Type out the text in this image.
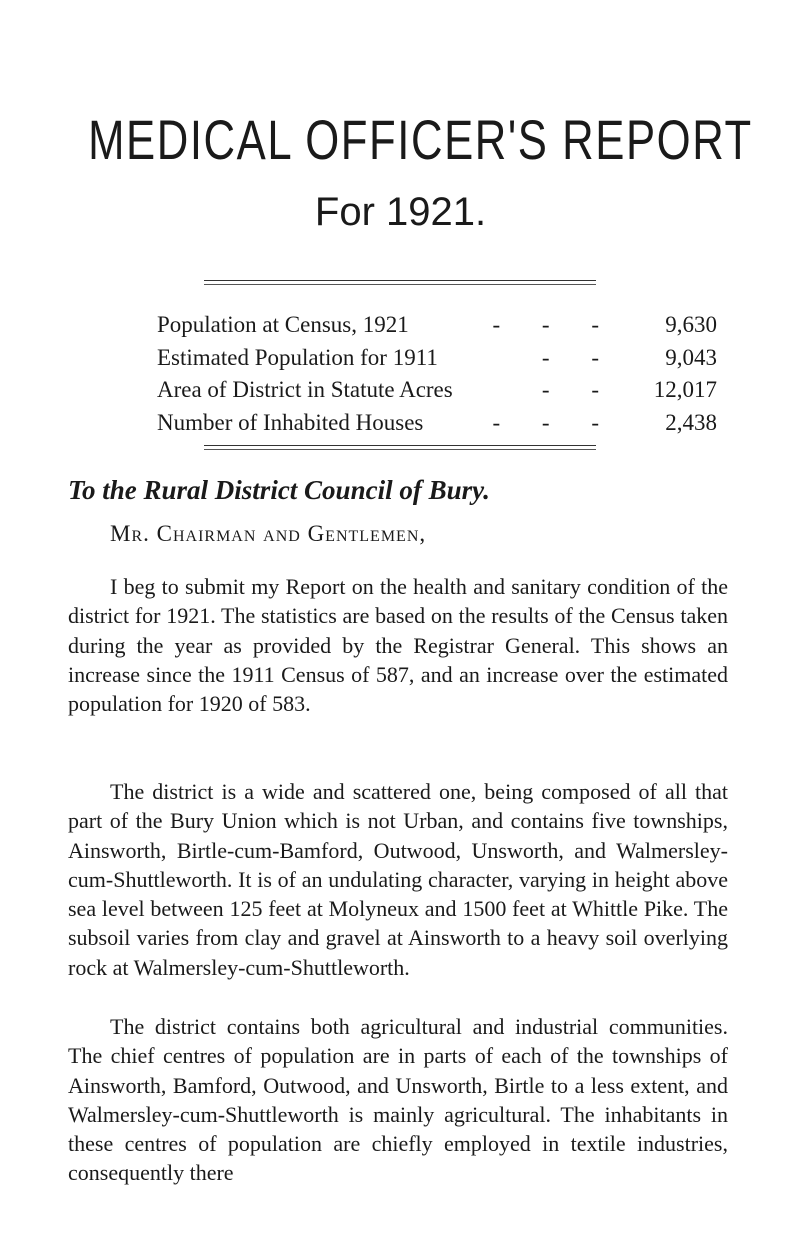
MEDICAL OFFICER'S REPORT
For 1921.
Population at Census, 1921	- - - 9,630
Estimated Population for 1911	- - 9,043
Area of District in Statute Acres	- - 12,017
Number of Inhabited Houses	- - - 2,438
To the Rural District Council of Bury.
Mr. Chairman and Gentlemen,

I beg to submit my Report on the health and sanitary condition of the district for 1921. The statistics are based on the results of the Census taken during the year as provided by the Registrar General. This shows an increase since the 1911 Census of 587, and an increase over the estimated population for 1920 of 583.

The district is a wide and scattered one, being composed of all that part of the Bury Union which is not Urban, and contains five townships, Ainsworth, Birtle-cum-Bamford, Outwood, Unsworth, and Walmersley-cum-Shuttleworth. It is of an undulating character, varying in height above sea level between 125 feet at Molyneux and 1500 feet at Whittle Pike. The subsoil varies from clay and gravel at Ainsworth to a heavy soil overlying rock at Walmersley-cum-Shuttleworth.

The district contains both agricultural and industrial communities. The chief centres of population are in parts of each of the townships of Ainsworth, Bamford, Outwood, and Unsworth, Birtle to a less extent, and Walmersley-cum-Shuttleworth is mainly agricultural. The inhabitants in these centres of population are chiefly employed in textile industries, consequently there
